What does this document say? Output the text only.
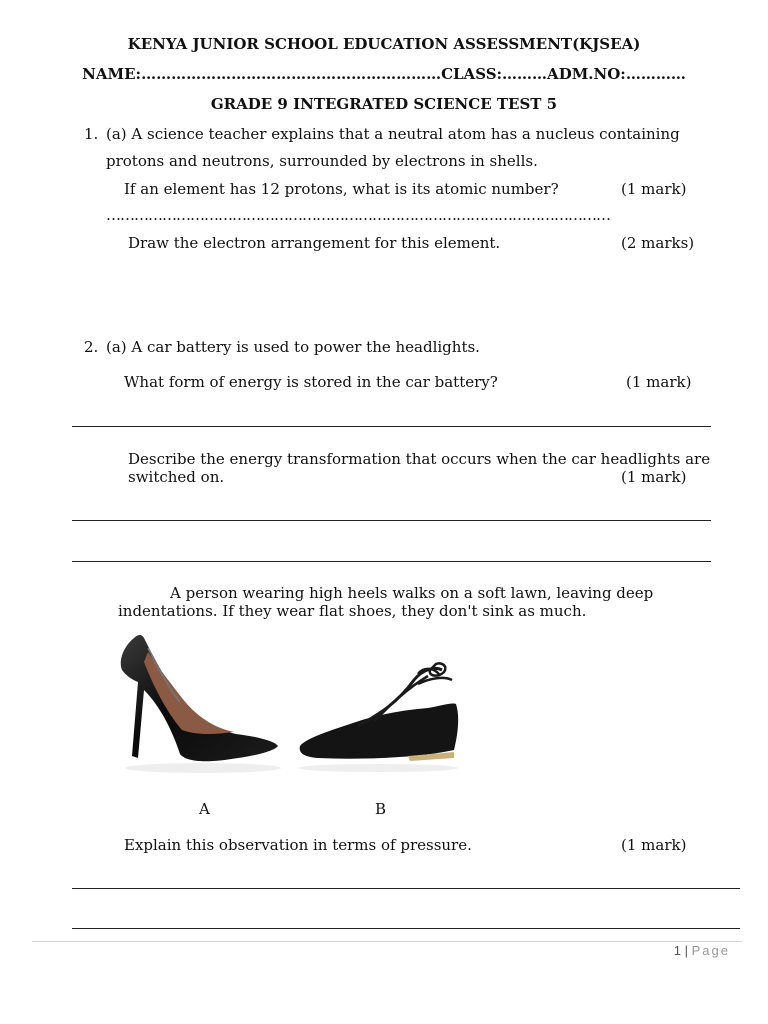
KENYA JUNIOR SCHOOL EDUCATION ASSESSMENT(KJSEA)
NAME:……………………………………………………CLASS:………ADM.NO:…………
GRADE 9 INTEGRATED SCIENCE TEST 5
1. (a) A science teacher explains that a neutral atom has a nucleus containing
protons and neutrons, surrounded by electrons in shells.
If an element has 12 protons, what is its atomic number?	(1 mark)
………………………………………………………………………………………………
Draw the electron arrangement for this element.	(2 marks)
2. (a) A car battery is used to power the headlights.
What form of energy is stored in the car battery?	(1 mark)
Describe the energy transformation that occurs when the car headlights are
switched on.	(1 mark)
A person wearing high heels walks on a soft lawn, leaving deep
indentations. If they wear flat shoes, they don't sink as much.
A	B
Explain this observation in terms of pressure.	(1 mark)
1 | Page
